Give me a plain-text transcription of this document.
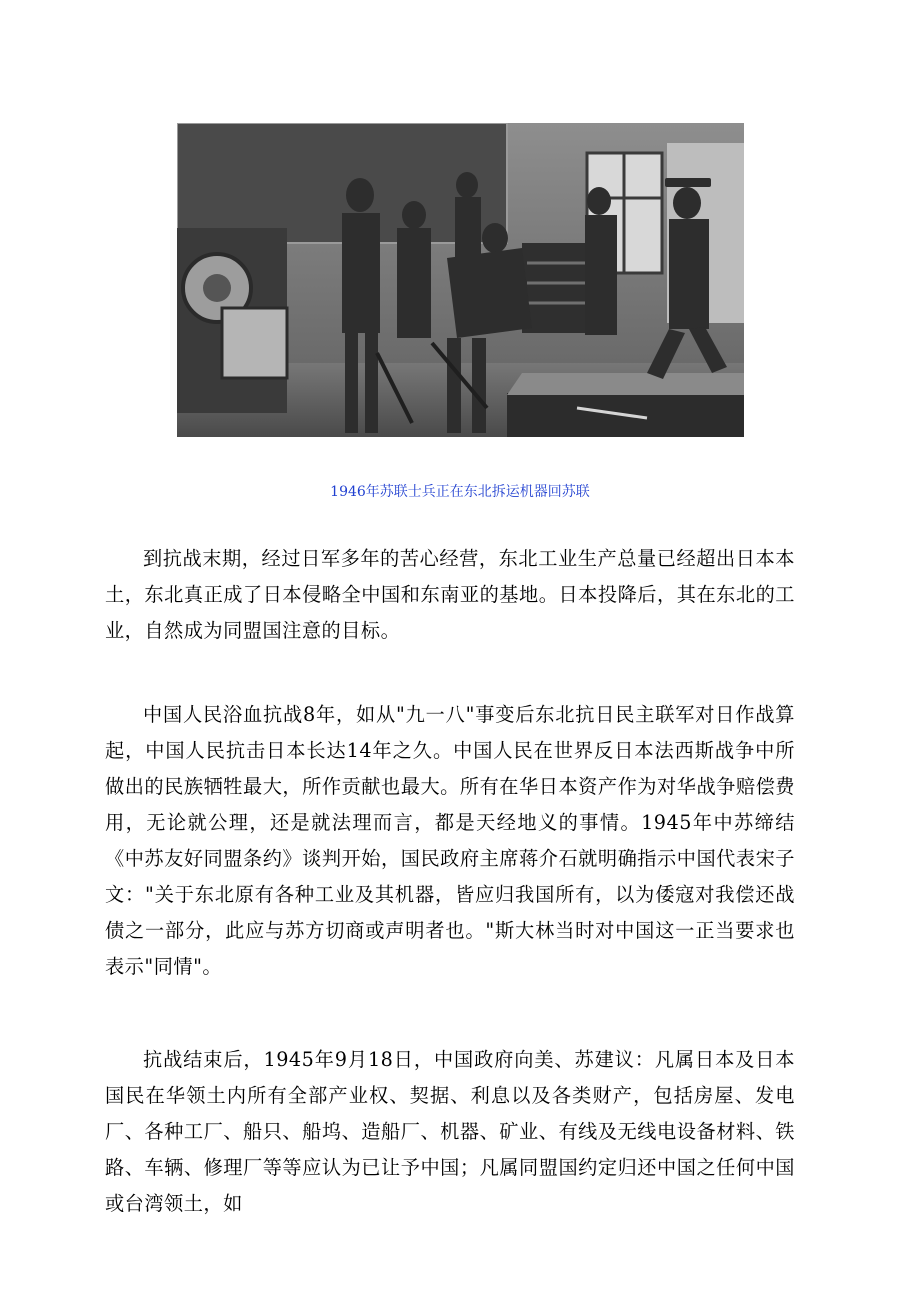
1946年苏联士兵正在东北拆运机器回苏联

到抗战末期，经过日军多年的苦心经营，东北工业生产总量已经超出日本本土，东北真正成了日本侵略全中国和东南亚的基地。日本投降后，其在东北的工业，自然成为同盟国注意的目标。

中国人民浴血抗战8年，如从"九一八"事变后东北抗日民主联军对日作战算起，中国人民抗击日本长达14年之久。中国人民在世界反日本法西斯战争中所做出的民族牺牲最大，所作贡献也最大。所有在华日本资产作为对华战争赔偿费用，无论就公理，还是就法理而言，都是天经地义的事情。1945年中苏缔结《中苏友好同盟条约》谈判开始，国民政府主席蒋介石就明确指示中国代表宋子文："关于东北原有各种工业及其机器，皆应归我国所有，以为倭寇对我偿还战债之一部分，此应与苏方切商或声明者也。"斯大林当时对中国这一正当要求也表示"同情"。

抗战结束后，1945年9月18日，中国政府向美、苏建议：凡属日本及日本国民在华领土内所有全部产业权、契据、利息以及各类财产，包括房屋、发电厂、各种工厂、船只、船坞、造船厂、机器、矿业、有线及无线电设备材料、铁路、车辆、修理厂等等应认为已让予中国；凡属同盟国约定归还中国之任何中国或台湾领土，如
